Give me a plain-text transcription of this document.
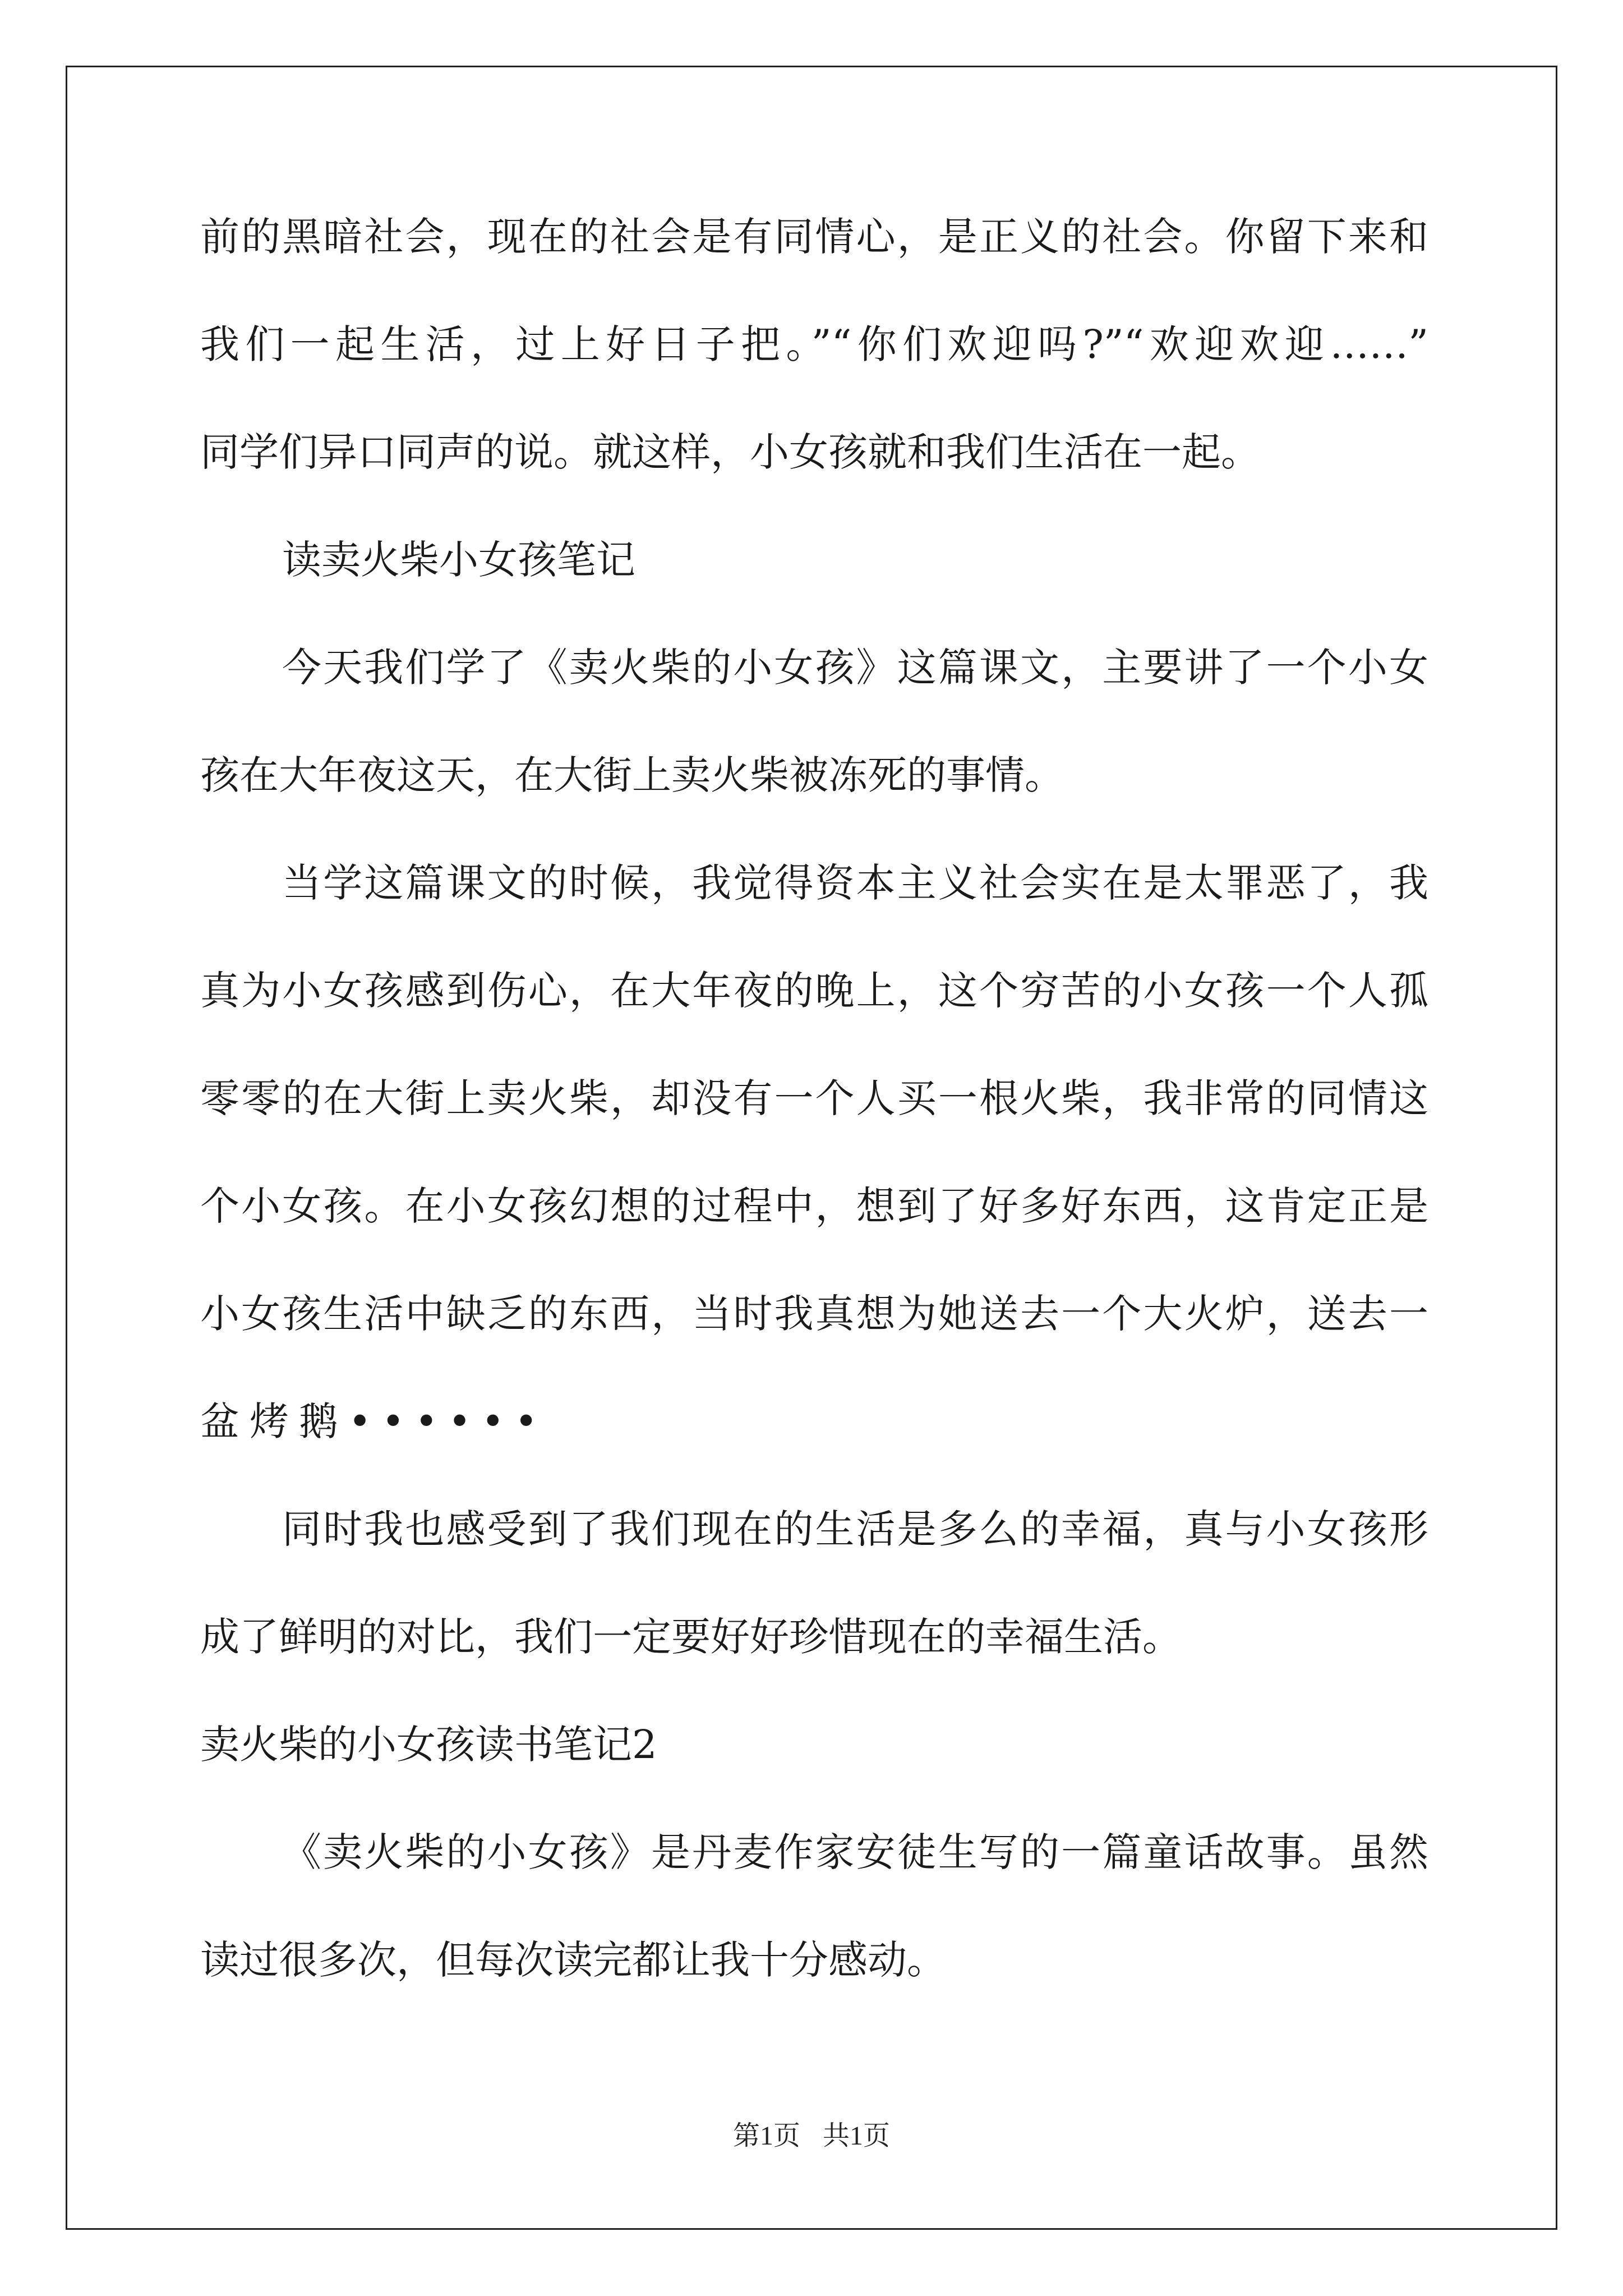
前的黑暗社会，现在的社会是有同情心，是正义的社会。你留下来和
我们一起生活，过上好日子把。”“你们欢迎吗?”“欢迎欢迎……”
同学们异口同声的说。就这样，小女孩就和我们生活在一起。
读卖火柴小女孩笔记
今天我们学了《卖火柴的小女孩》这篇课文，主要讲了一个小女
孩在大年夜这天，在大街上卖火柴被冻死的事情。
当学这篇课文的时候，我觉得资本主义社会实在是太罪恶了，我
真为小女孩感到伤心，在大年夜的晚上，这个穷苦的小女孩一个人孤
零零的在大街上卖火柴，却没有一个人买一根火柴，我非常的同情这
个小女孩。在小女孩幻想的过程中，想到了好多好东西，这肯定正是
小女孩生活中缺乏的东西，当时我真想为她送去一个大火炉，送去一
盆烤鹅••••••
同时我也感受到了我们现在的生活是多么的幸福，真与小女孩形
成了鲜明的对比，我们一定要好好珍惜现在的幸福生活。
卖火柴的小女孩读书笔记2
《卖火柴的小女孩》是丹麦作家安徒生写的一篇童话故事。虽然
读过很多次，但每次读完都让我十分感动。
第1页 共1页
